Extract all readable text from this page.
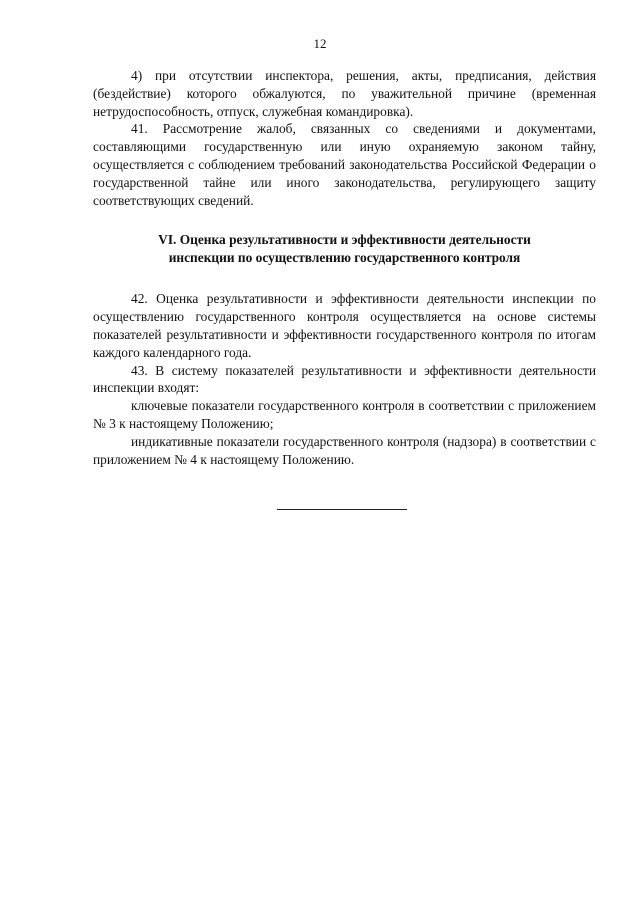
12

4) при отсутствии инспектора, решения, акты, предписания, действия (бездействие) которого обжалуются, по уважительной причине (временная нетрудоспособность, отпуск, служебная командировка).

41. Рассмотрение жалоб, связанных со сведениями и документами, составляющими государственную или иную охраняемую законом тайну, осуществляется с соблюдением требований законодательства Российской Федерации о государственной тайне или иного законодательства, регулирующего защиту соответствующих сведений.

VI. Оценка результативности и эффективности деятельности
инспекции по осуществлению государственного контроля

42. Оценка результативности и эффективности деятельности инспекции по осуществлению государственного контроля осуществляется на основе системы показателей результативности и эффективности государственного контроля по итогам каждого календарного года.

43. В систему показателей результативности и эффективности деятельности инспекции входят:

ключевые показатели государственного контроля в соответствии с приложением № 3 к настоящему Положению;

индикативные показатели государственного контроля (надзора) в соответствии с приложением № 4 к настоящему Положению.
